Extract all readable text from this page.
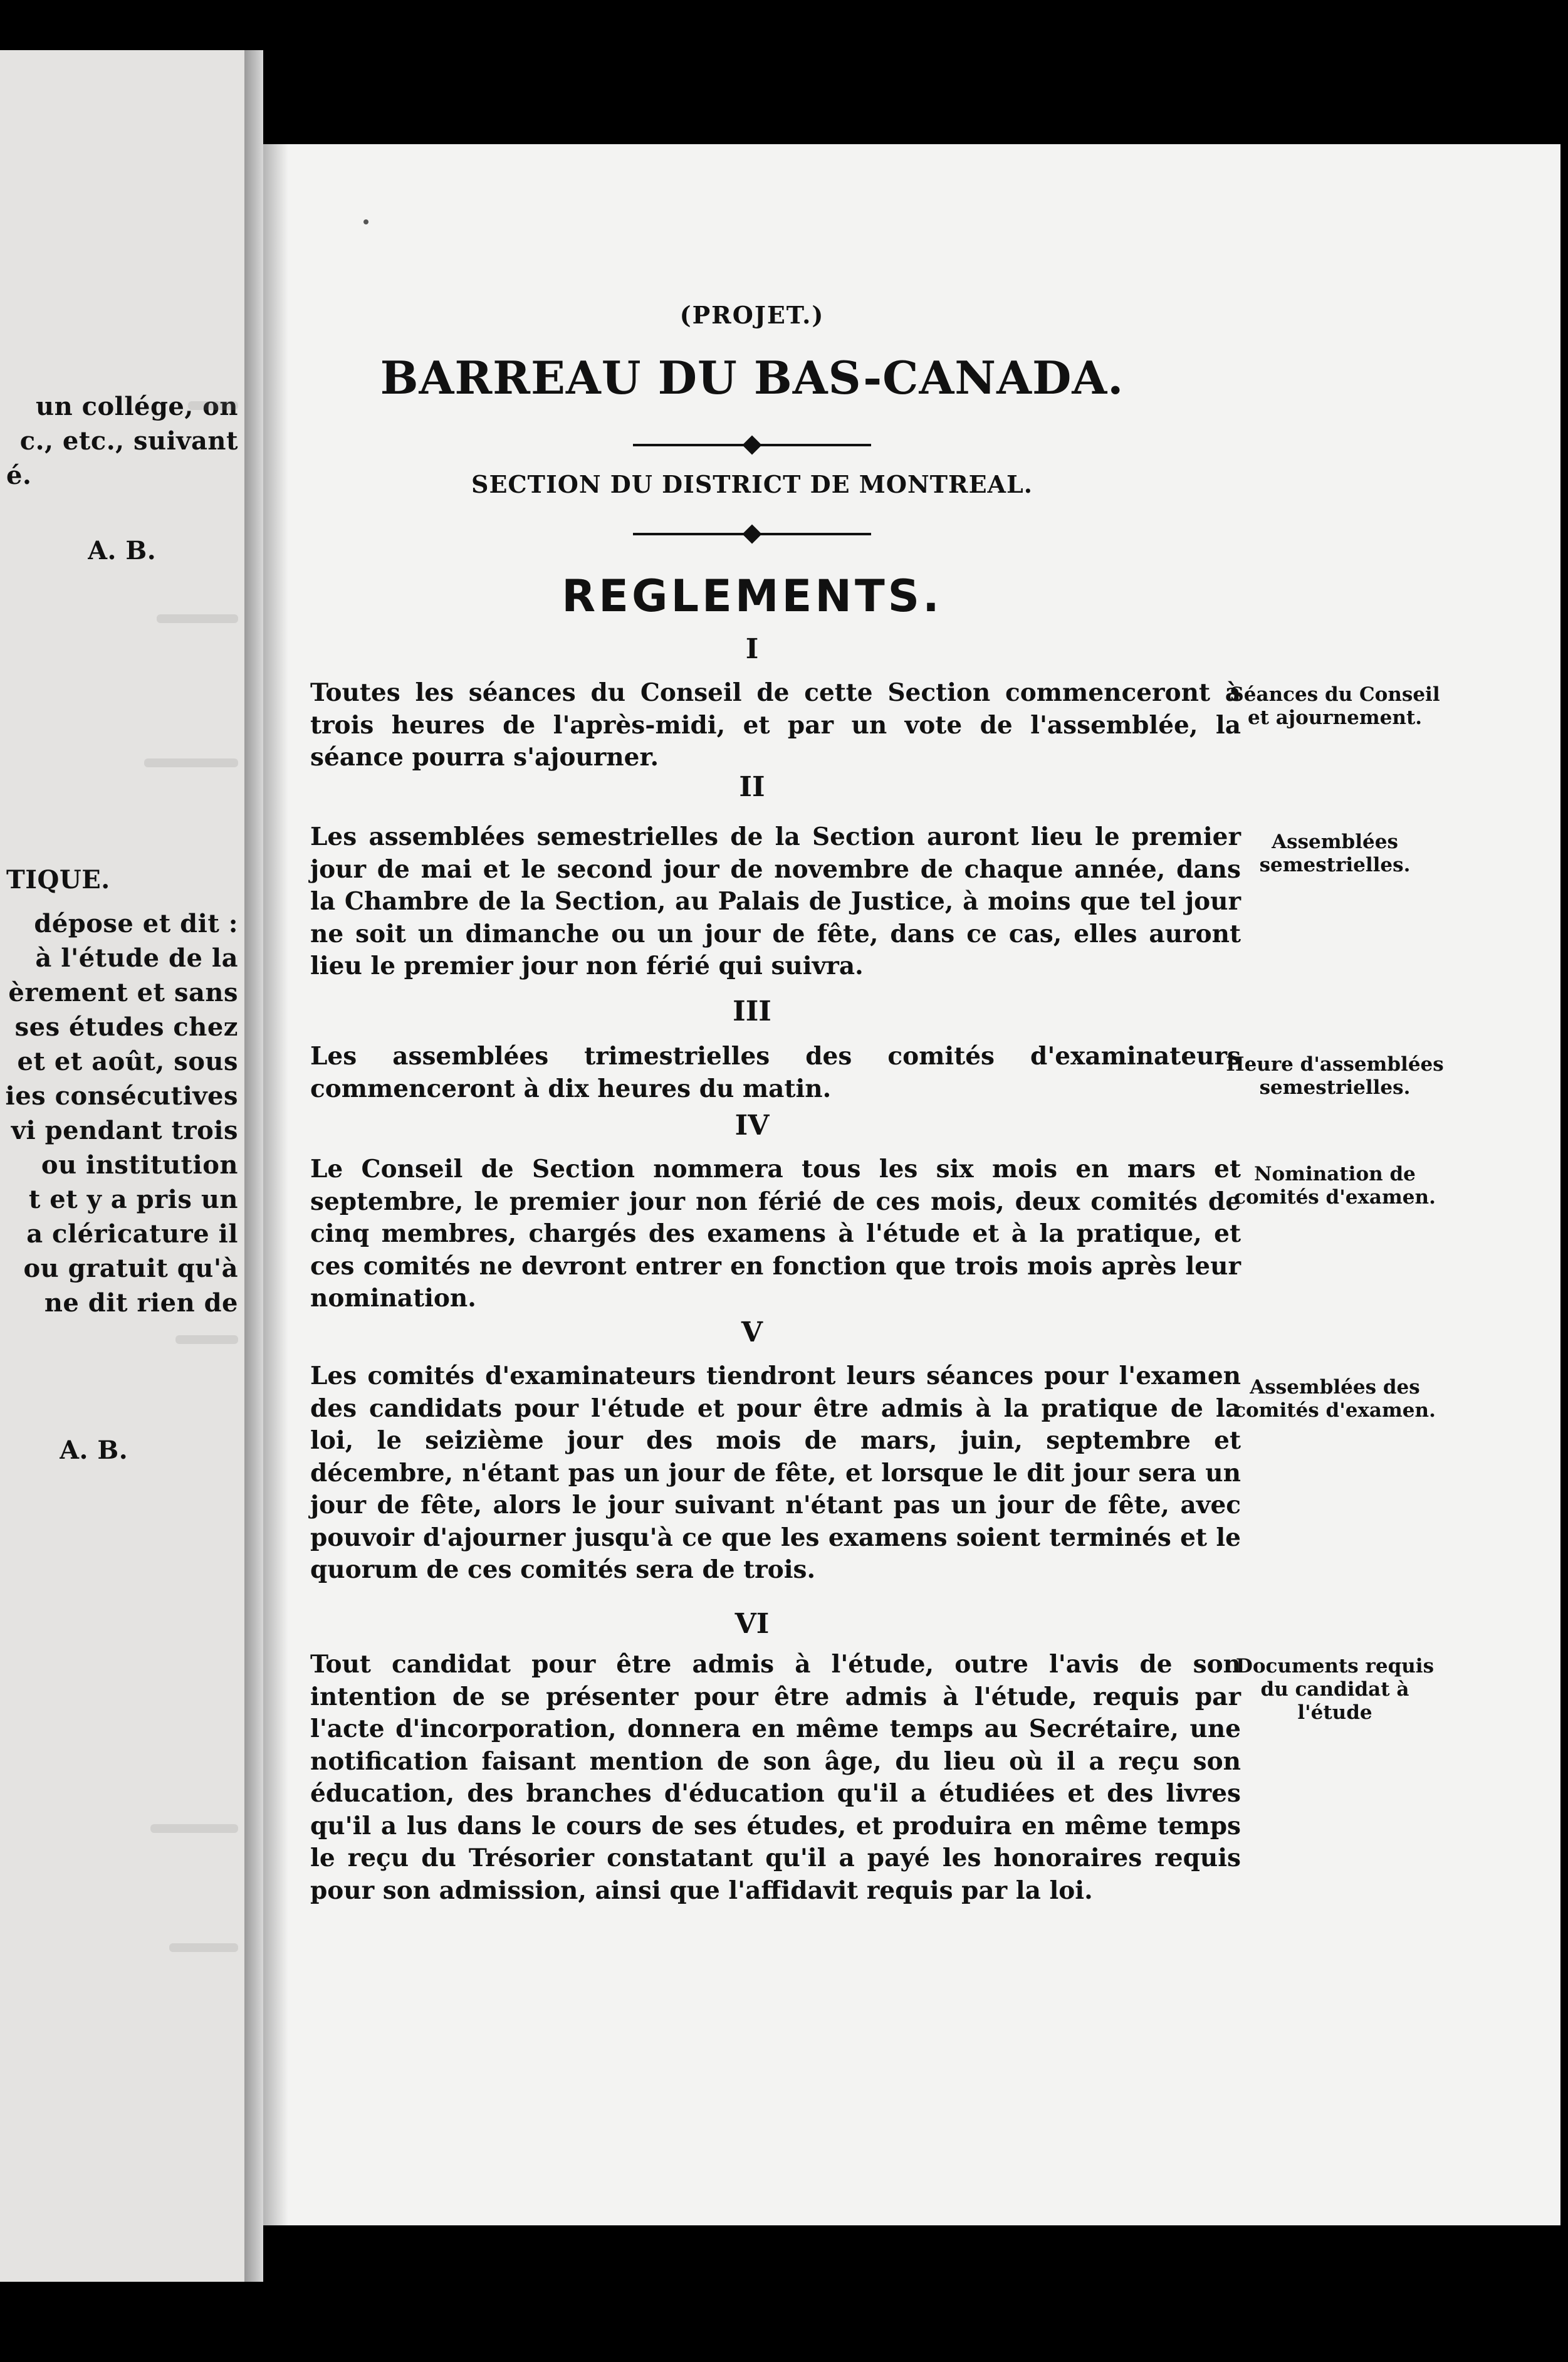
un collége, on
c., etc., suivant
é.
A. B.
TIQUE.
dépose et dit :
à l'étude de la
èrement et sans
ses études chez
et et août, sous
ies consécutives
vi pendant trois
ou institution
t et y a pris un
a cléricature il
ou gratuit qu'à
ne dit rien de
A. B.
(PROJET.)
BARREAU DU BAS-CANADA.
SECTION DU DISTRICT DE MONTREAL.
REGLEMENTS.
I
Toutes les séances du Conseil de cette Section commenceront à trois heures de l'après-midi, et par un vote de l'assemblée, la séance pourra s'ajourner.
Séances du Conseil et ajournement.
II
Les assemblées semestrielles de la Section auront lieu le premier jour de mai et le second jour de novembre de chaque année, dans la Chambre de la Section, au Palais de Justice, à moins que tel jour ne soit un dimanche ou un jour de fête, dans ce cas, elles auront lieu le premier jour non férié qui suivra.
Assemblées semestrielles.
III
Les assemblées trimestrielles des comités d'examinateurs commenceront à dix heures du matin.
Heure d'assemblées semestrielles.
IV
Le Conseil de Section nommera tous les six mois en mars et septembre, le premier jour non férié de ces mois, deux comités de cinq membres, chargés des examens à l'étude et à la pratique, et ces comités ne devront entrer en fonction que trois mois après leur nomination.
Nomination de comités d'examen.
V
Les comités d'examinateurs tiendront leurs séances pour l'examen des candidats pour l'étude et pour être admis à la pratique de la loi, le seizième jour des mois de mars, juin, septembre et décembre, n'étant pas un jour de fête, et lorsque le dit jour sera un jour de fête, alors le jour suivant n'étant pas un jour de fête, avec pouvoir d'ajourner jusqu'à ce que les examens soient terminés et le quorum de ces comités sera de trois.
Assemblées des comités d'examen.
VI
Tout candidat pour être admis à l'étude, outre l'avis de son intention de se présenter pour être admis à l'étude, requis par l'acte d'incorporation, donnera en même temps au Secrétaire, une notification faisant mention de son âge, du lieu où il a reçu son éducation, des branches d'éducation qu'il a étudiées et des livres qu'il a lus dans le cours de ses études, et produira en même temps le reçu du Trésorier constatant qu'il a payé les honoraires requis pour son admission, ainsi que l'affidavit requis par la loi.
Documents requis du candidat à l'étude
